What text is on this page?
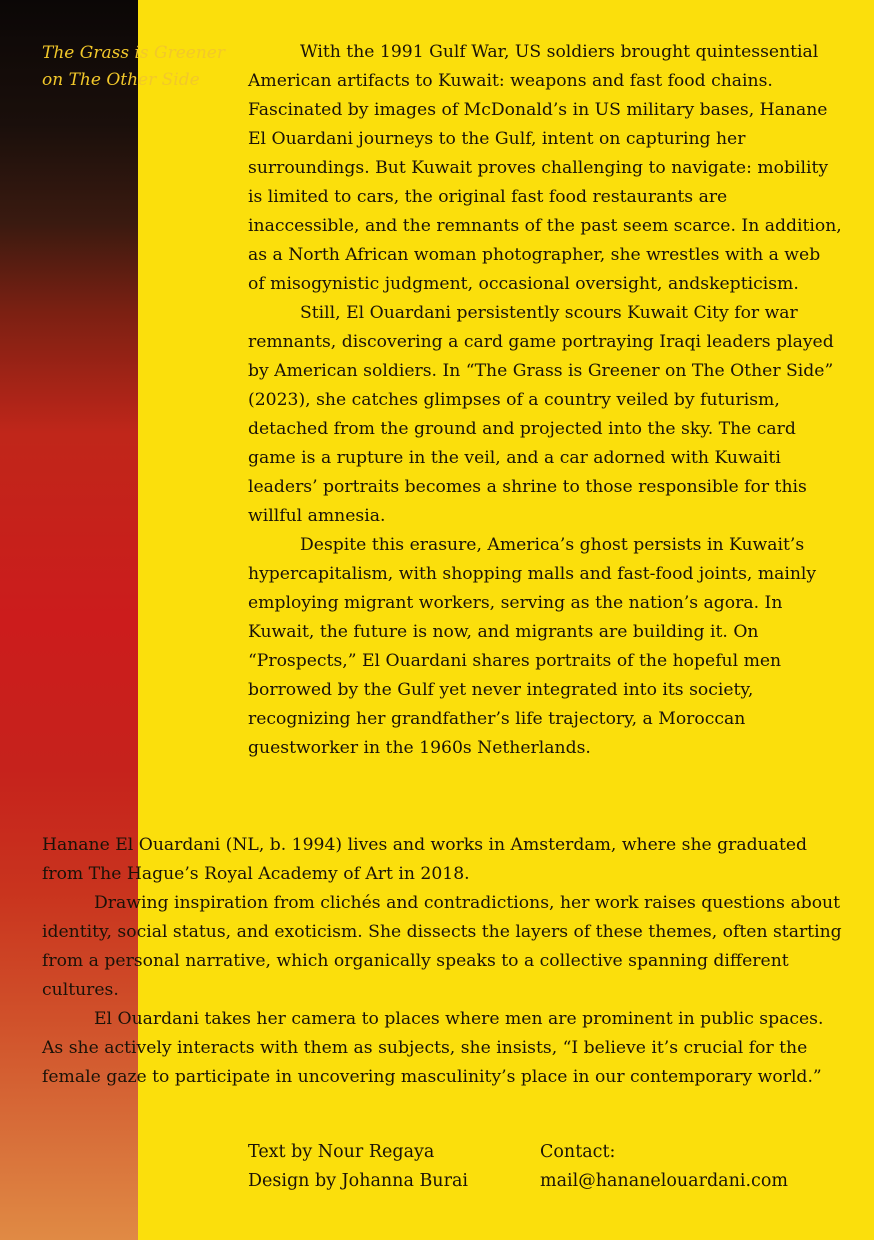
The Grass is Greener
on The Other Side

With the 1991 Gulf War, US soldiers brought quintessential American artifacts to Kuwait: weapons and fast food chains. Fascinated by images of McDonald’s in US military bases, Hanane El Ouardani journeys to the Gulf, intent on capturing her surroundings. But Kuwait proves challenging to navigate: mobility is limited to cars, the original fast food restaurants are inaccessible, and the remnants of the past seem scarce. In addition, as a North African woman photographer, she wrestles with a web of misogynistic judgment, occasional oversight, andskepticism.

Still, El Ouardani persistently scours Kuwait City for war remnants, discovering a card game portraying Iraqi leaders played by American soldiers. In “The Grass is Greener on The Other Side” (2023), she catches glimpses of a country veiled by futurism, detached from the ground and projected into the sky. The card game is a rupture in the veil, and a car adorned with Kuwaiti leaders’ portraits becomes a shrine to those responsible for this willful amnesia.

Despite this erasure, America’s ghost persists in Kuwait’s hypercapitalism, with shopping malls and fast-food joints, mainly employing migrant workers, serving as the nation’s agora. In Kuwait, the future is now, and migrants are building it. On “Prospects,” El Ouardani shares portraits of the hopeful men borrowed by the Gulf yet never integrated into its society, recognizing her grandfather’s life trajectory, a Moroccan guestworker in the 1960s Netherlands.

Hanane El Ouardani (NL, b. 1994) lives and works in Amsterdam, where she graduated from The Hague’s Royal Academy of Art in 2018.

Drawing inspiration from clichés and contradictions, her work raises questions about identity, social status, and exoticism. She dissects the layers of these themes, often starting from a personal narrative, which organically speaks to a collective spanning different cultures.

El Ouardani takes her camera to places where men are prominent in public spaces. As she actively interacts with them as subjects, she insists, “I believe it’s crucial for the female gaze to participate in uncovering masculinity’s place in our contemporary world.”

Text by Nour Regaya
Design by Johanna Burai
Contact:
mail@hananelouardani.com
